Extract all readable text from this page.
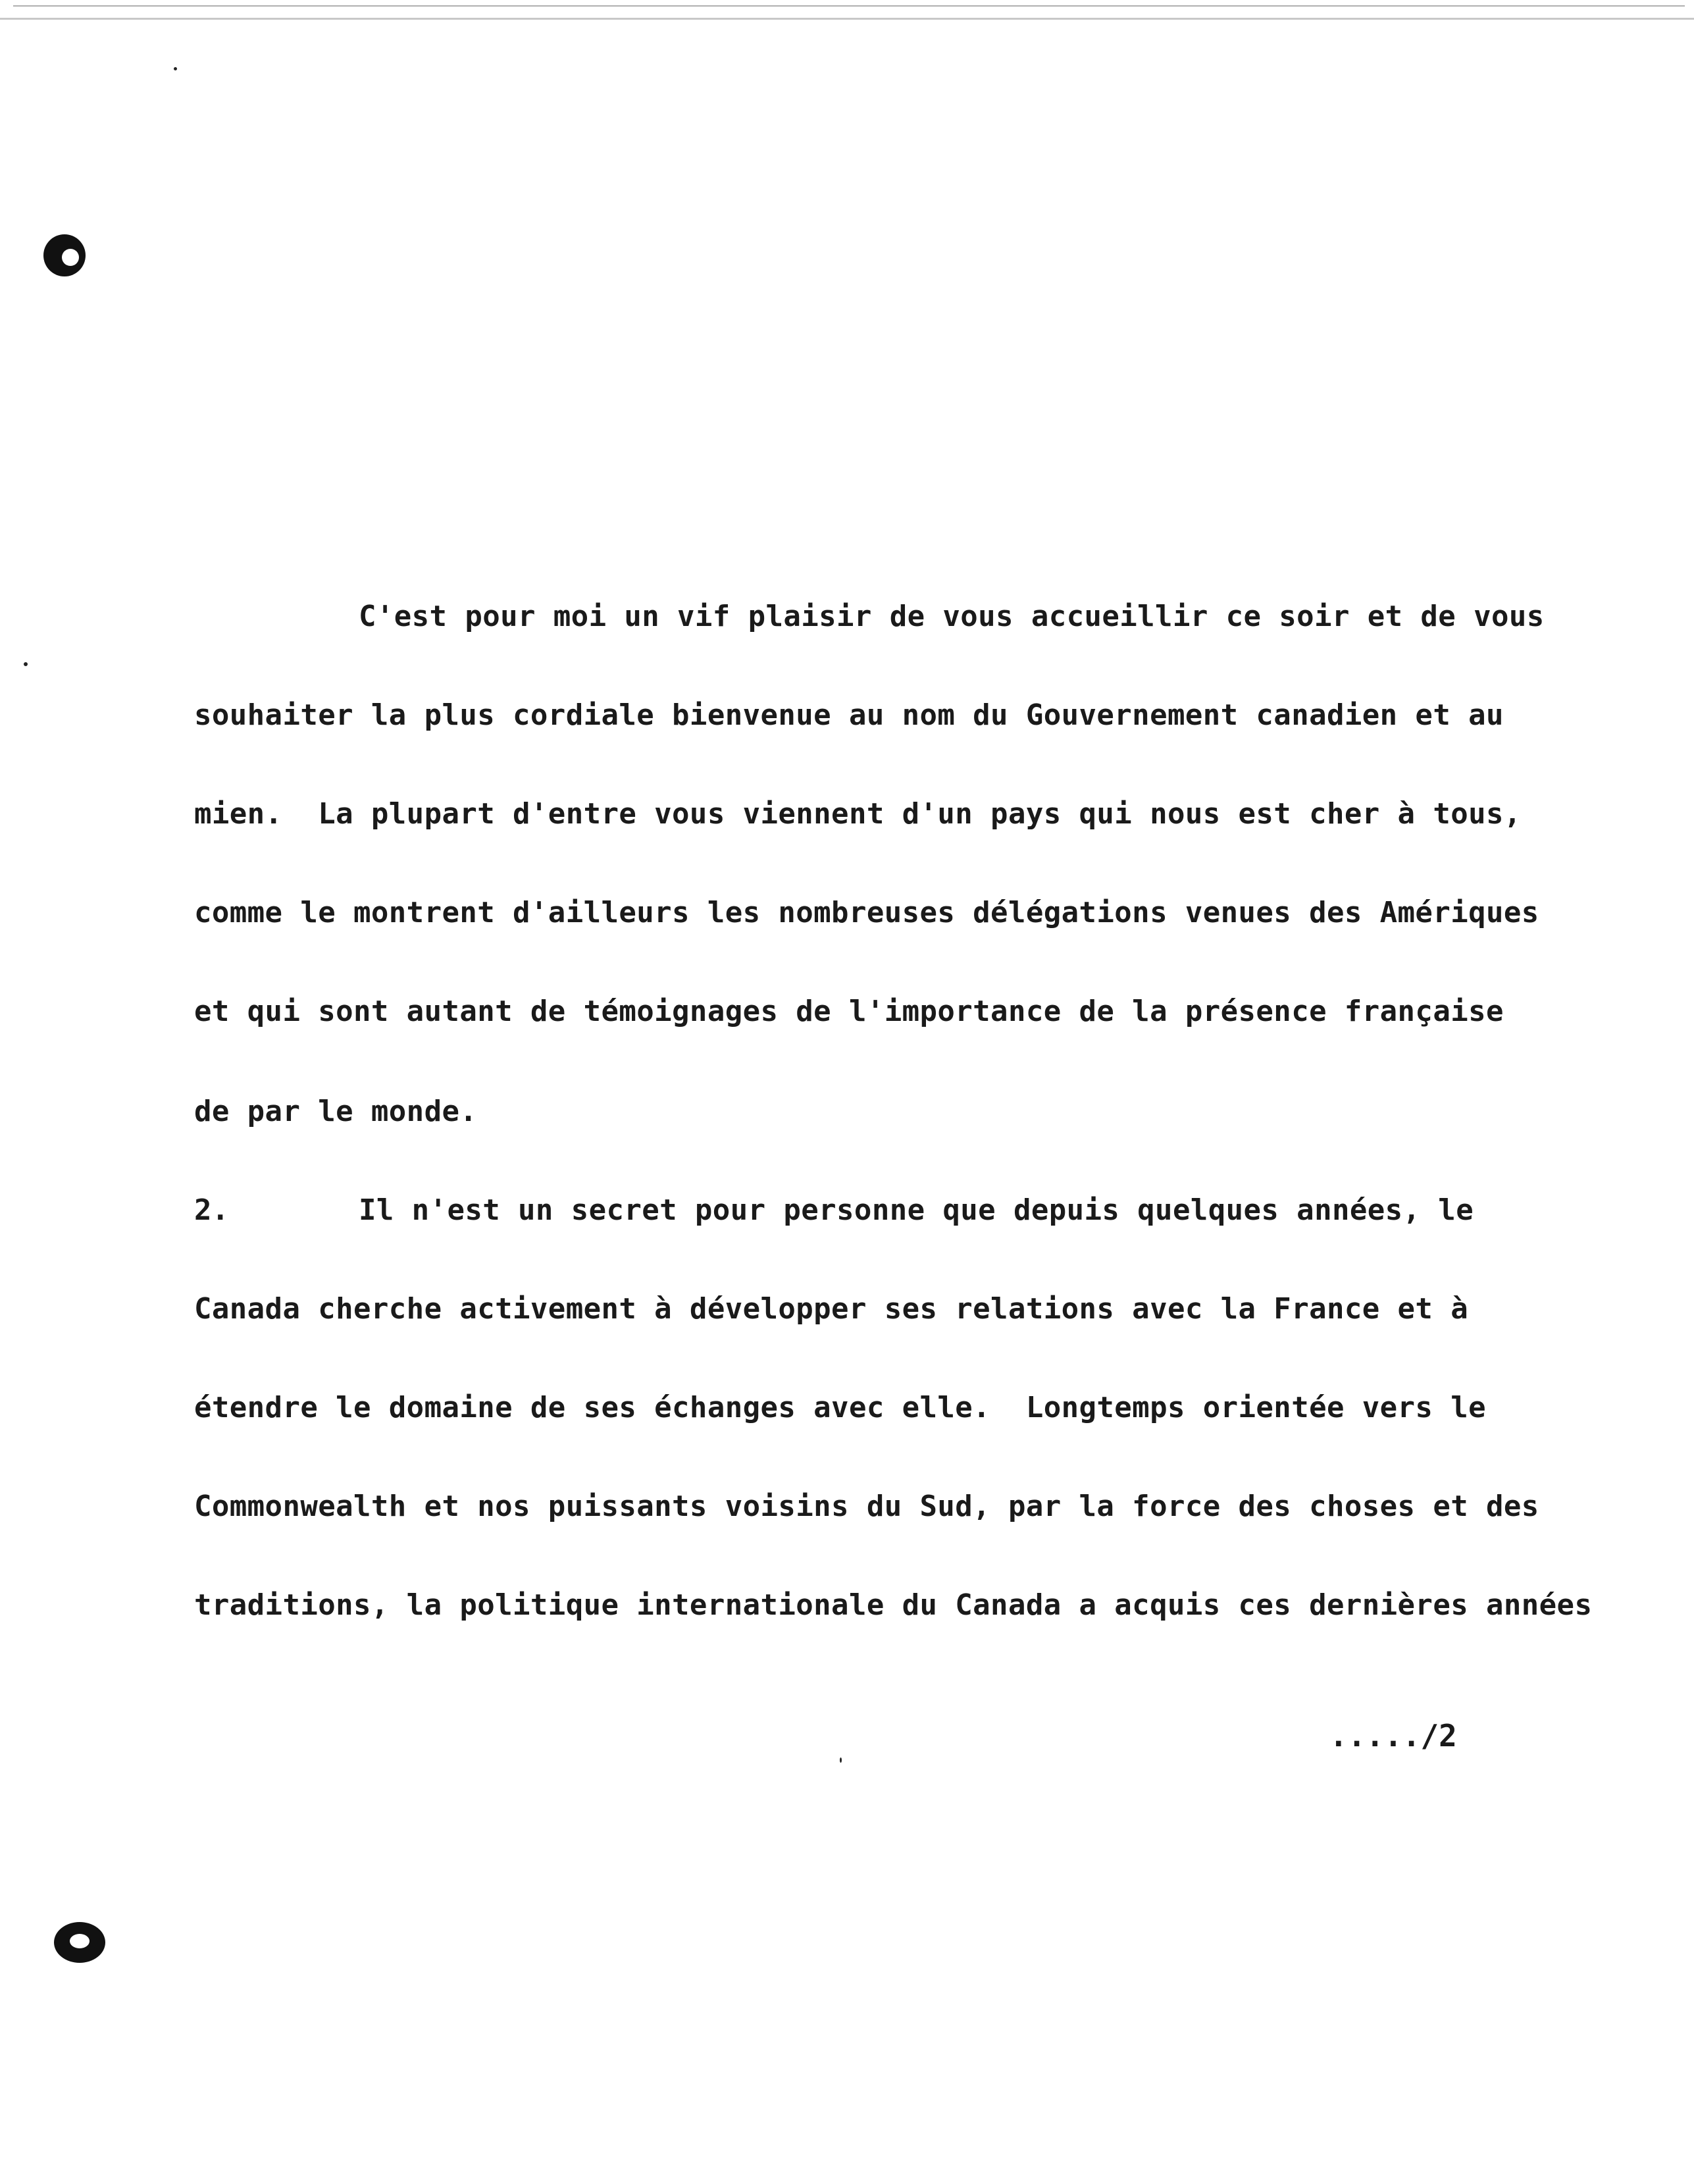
C'est pour moi un vif plaisir de vous accueillir ce soir et de vous
souhaiter la plus cordiale bienvenue au nom du Gouvernement canadien et au
mien.  La plupart d'entre vous viennent d'un pays qui nous est cher à tous,
comme le montrent d'ailleurs les nombreuses délégations venues des Amériques
et qui sont autant de témoignages de l'importance de la présence française
de par le monde.
2.	Il n'est un secret pour personne que depuis quelques années, le
Canada cherche activement à développer ses relations avec la France et à
étendre le domaine de ses échanges avec elle.  Longtemps orientée vers le
Commonwealth et nos puissants voisins du Sud, par la force des choses et des
traditions, la politique internationale du Canada a acquis ces dernières années
...../2
